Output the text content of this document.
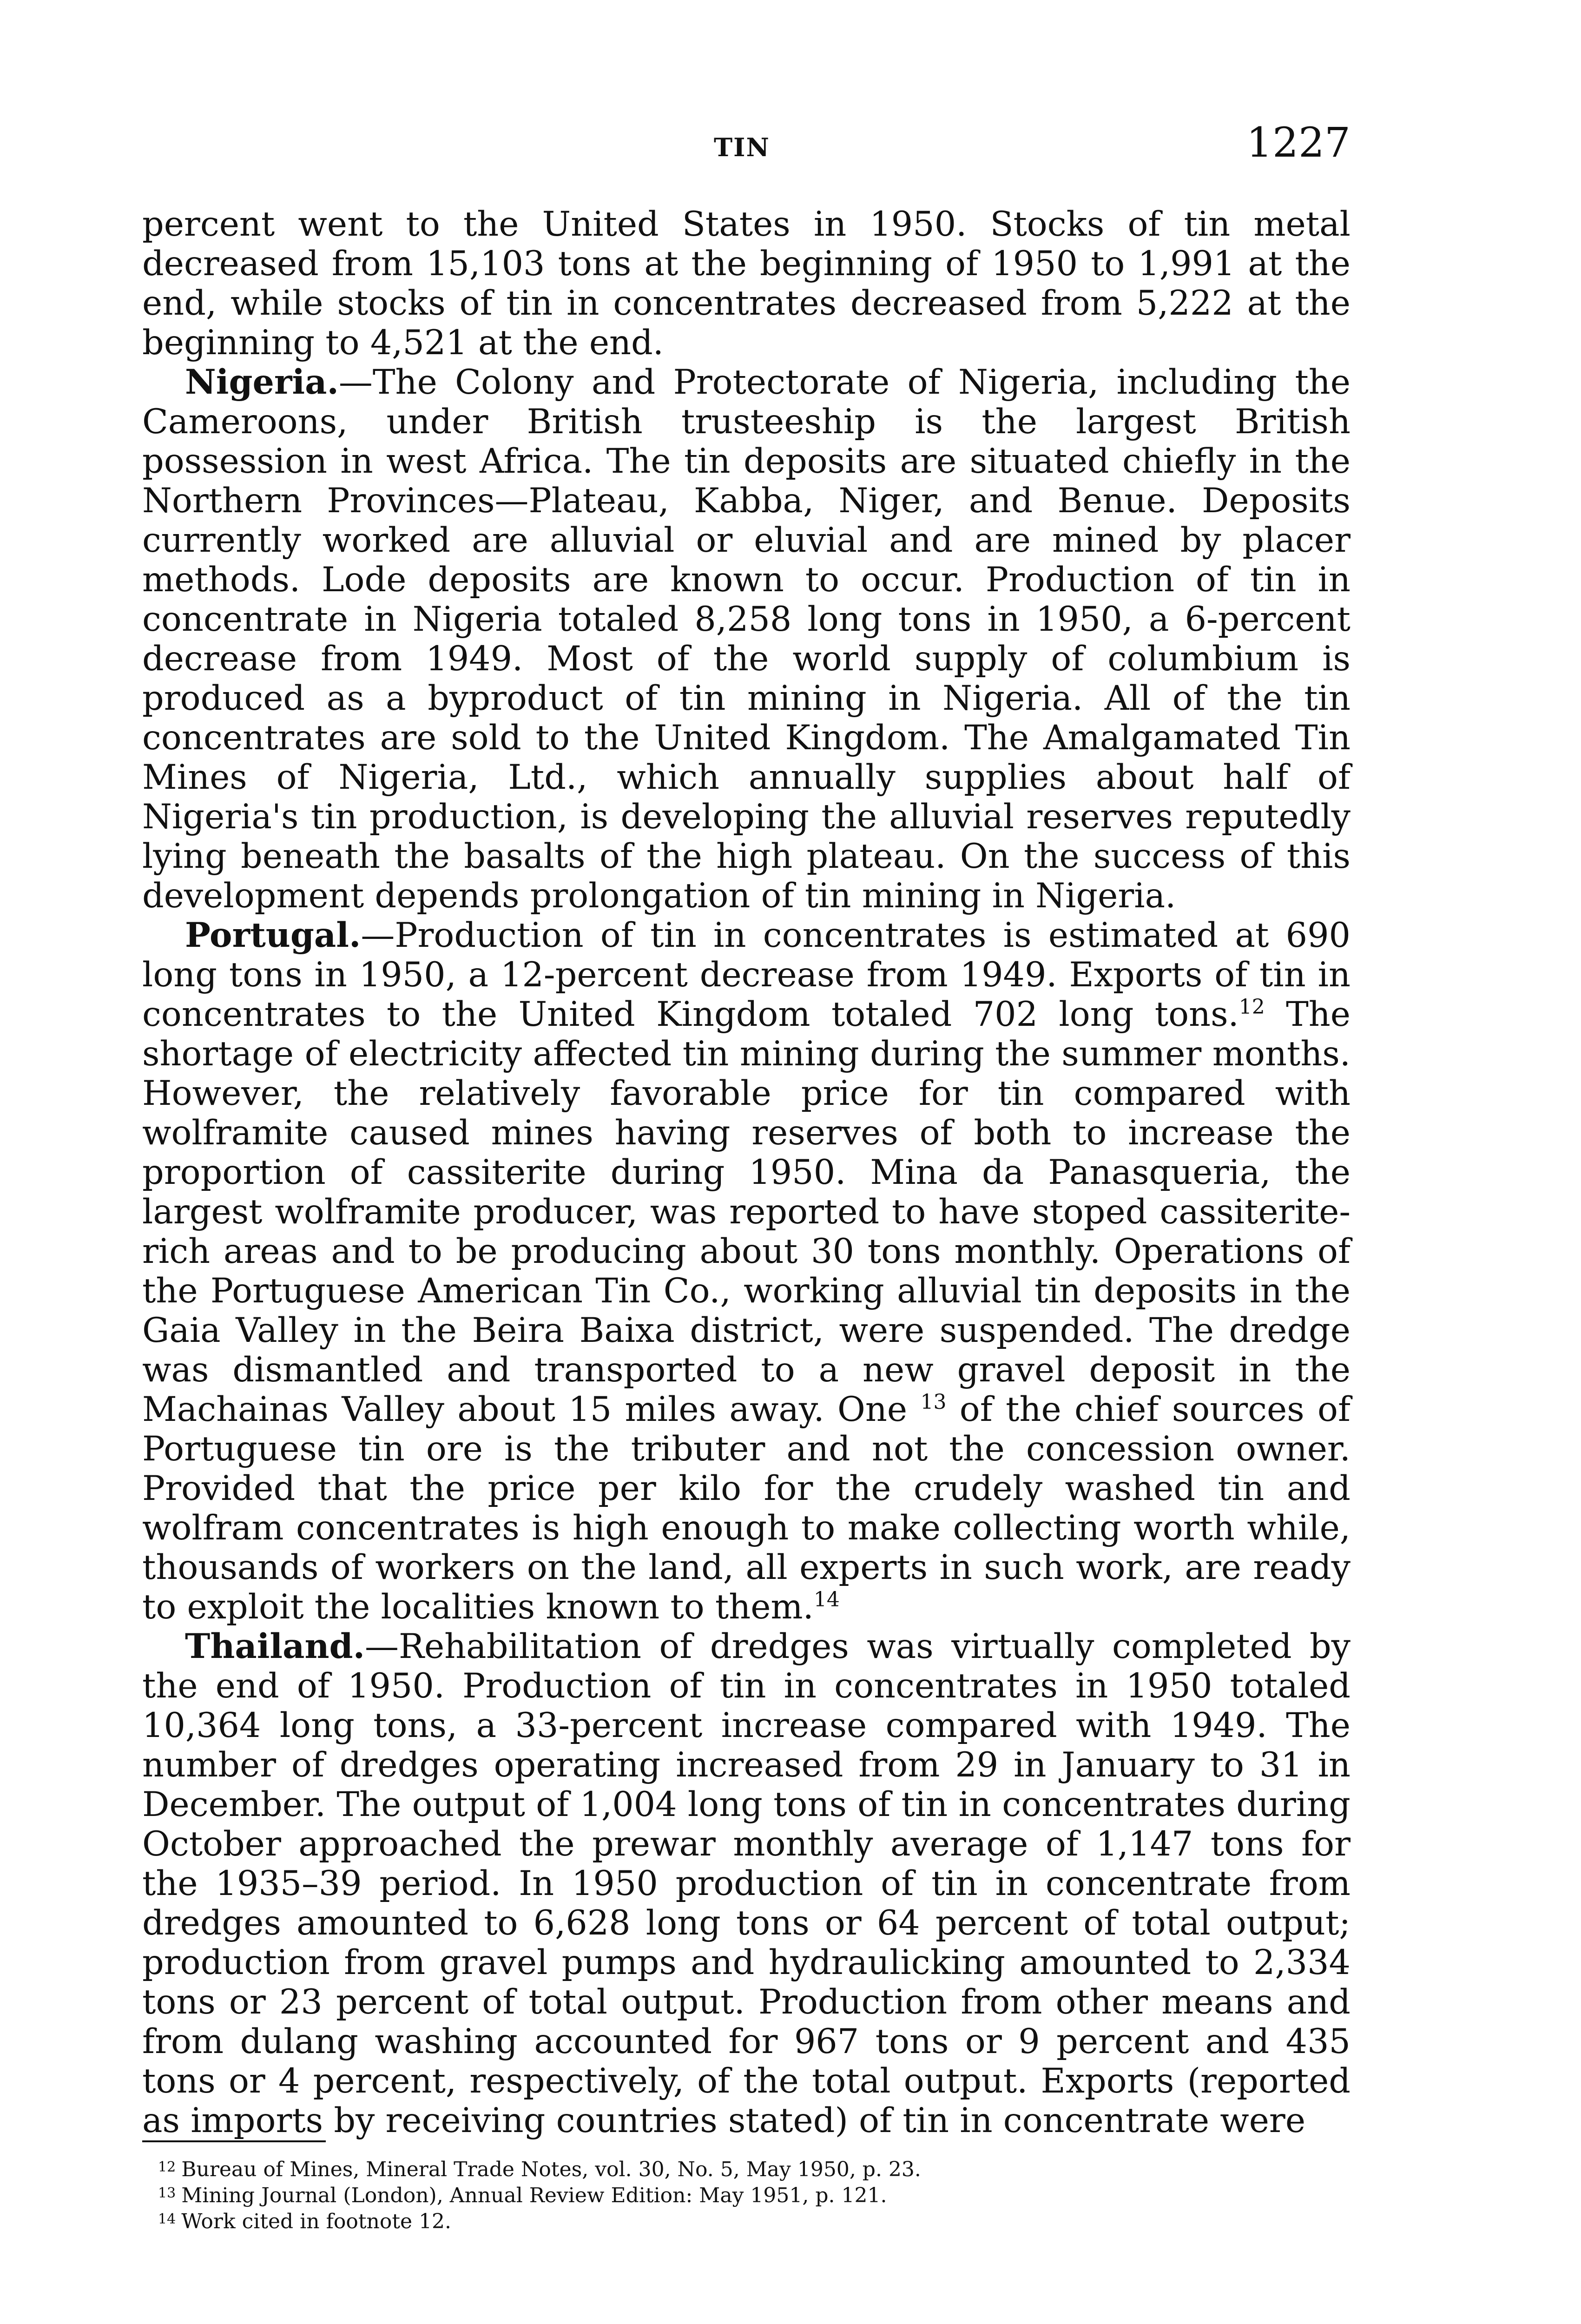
TIN	1227

percent went to the United States in 1950. Stocks of tin metal decreased from 15,103 tons at the beginning of 1950 to 1,991 at the end, while stocks of tin in concentrates decreased from 5,222 at the beginning to 4,521 at the end.

Nigeria.—The Colony and Protectorate of Nigeria, including the Cameroons, under British trusteeship is the largest British possession in west Africa. The tin deposits are situated chiefly in the Northern Provinces—Plateau, Kabba, Niger, and Benue. Deposits currently worked are alluvial or eluvial and are mined by placer methods. Lode deposits are known to occur. Production of tin in concentrate in Nigeria totaled 8,258 long tons in 1950, a 6-percent decrease from 1949. Most of the world supply of columbium is produced as a byproduct of tin mining in Nigeria. All of the tin concentrates are sold to the United Kingdom. The Amalgamated Tin Mines of Nigeria, Ltd., which annually supplies about half of Nigeria's tin production, is developing the alluvial reserves reputedly lying beneath the basalts of the high plateau. On the success of this development depends prolongation of tin mining in Nigeria.

Portugal.—Production of tin in concentrates is estimated at 690 long tons in 1950, a 12-percent decrease from 1949. Exports of tin in concentrates to the United Kingdom totaled 702 long tons.$^{12}$ The shortage of electricity affected tin mining during the summer months. However, the relatively favorable price for tin compared with wolframite caused mines having reserves of both to increase the proportion of cassiterite during 1950. Mina da Panasqueria, the largest wolframite producer, was reported to have stoped cassiterite-rich areas and to be producing about 30 tons monthly. Operations of the Portuguese American Tin Co., working alluvial tin deposits in the Gaia Valley in the Beira Baixa district, were suspended. The dredge was dismantled and transported to a new gravel deposit in the Machainas Valley about 15 miles away. One $^{13}$ of the chief sources of Portuguese tin ore is the tributer and not the concession owner. Provided that the price per kilo for the crudely washed tin and wolfram concentrates is high enough to make collecting worth while, thousands of workers on the land, all experts in such work, are ready to exploit the localities known to them.$^{14}$

Thailand.—Rehabilitation of dredges was virtually completed by the end of 1950. Production of tin in concentrates in 1950 totaled 10,364 long tons, a 33-percent increase compared with 1949. The number of dredges operating increased from 29 in January to 31 in December. The output of 1,004 long tons of tin in concentrates during October approached the prewar monthly average of 1,147 tons for the 1935–39 period. In 1950 production of tin in concentrate from dredges amounted to 6,628 long tons or 64 percent of total output; production from gravel pumps and hydraulicking amounted to 2,334 tons or 23 percent of total output. Production from other means and from dulang washing accounted for 967 tons or 9 percent and 435 tons or 4 percent, respectively, of the total output. Exports (reported as imports by receiving countries stated) of tin in concentrate were

$^{12}$ Bureau of Mines, Mineral Trade Notes, vol. 30, No. 5, May 1950, p. 23.

$^{13}$ Mining Journal (London), Annual Review Edition: May 1951, p. 121.

$^{14}$ Work cited in footnote 12.
